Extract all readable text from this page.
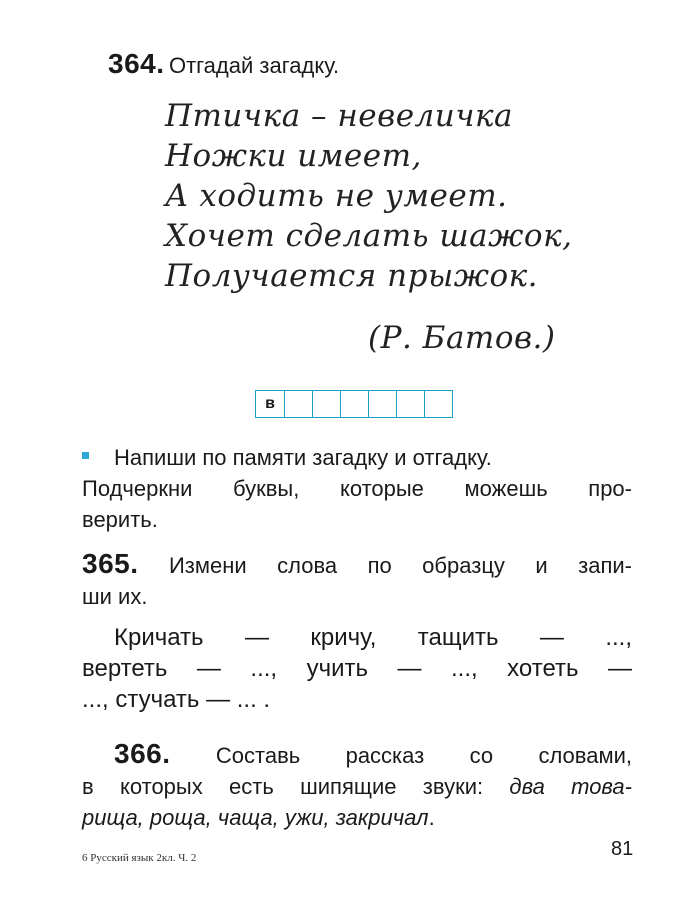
364. Отгадай загадку.
Птичка – невеличка
Ножки имеет,
А ходить не умеет.
Хочет сделать шажок,
Получается прыжок.
(Р. Батов.)
в
Напиши по памяти загадку и отгадку.
Подчеркни буквы, которые можешь про-
верить.
365. Измени слова по образцу и запи-
ши их.
Кричать — кричу, тащить — ...,
вертеть — ..., учить — ..., хотеть —
..., стучать — ... .
366. Составь рассказ со словами,
в которых есть шипящие звуки: два това-
рища, роща, чаща, ужи, закричал.
6 Русский язык 2кл. Ч. 2	81
